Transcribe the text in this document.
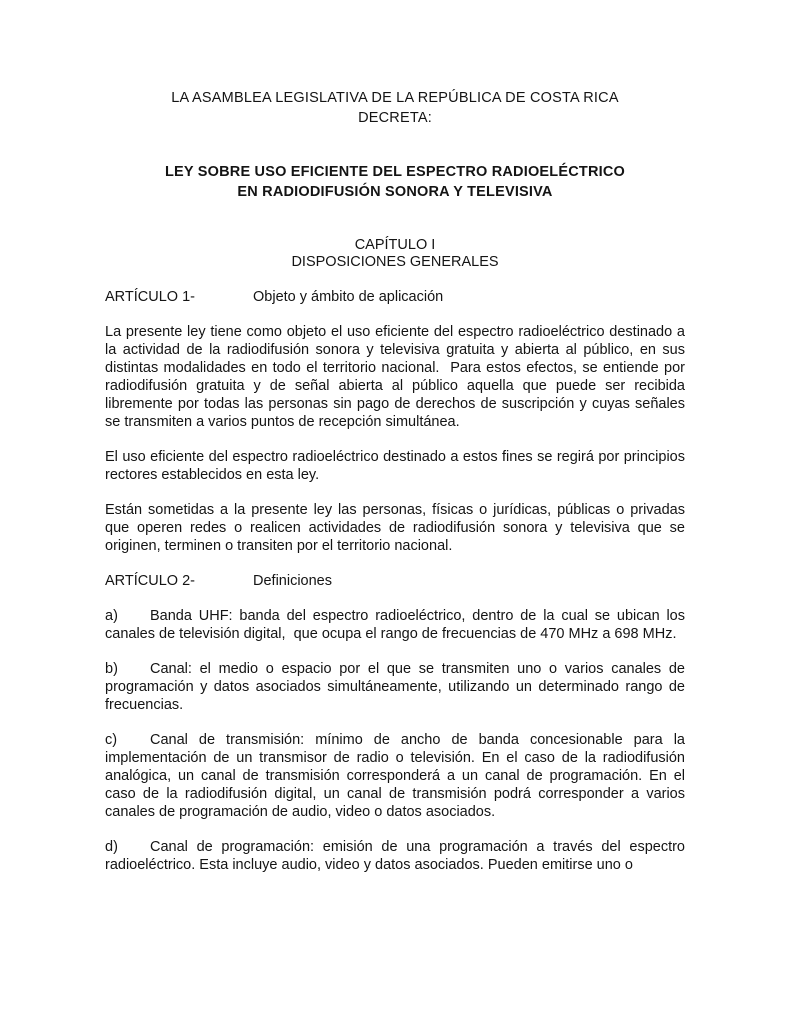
LA ASAMBLEA LEGISLATIVA DE LA REPÚBLICA DE COSTA RICA
DECRETA:
LEY SOBRE USO EFICIENTE DEL ESPECTRO RADIOELÉCTRICO
EN RADIODIFUSIÓN SONORA Y TELEVISIVA
CAPÍTULO I
DISPOSICIONES GENERALES

ARTÍCULO 1-	Objeto y ámbito de aplicación

La presente ley tiene como objeto el uso eficiente del espectro radioeléctrico destinado a la actividad de la radiodifusión sonora y televisiva gratuita y abierta al público, en sus distintas modalidades en todo el territorio nacional.  Para estos efectos, se entiende por radiodifusión gratuita y de señal abierta al público aquella que puede ser recibida libremente por todas las personas sin pago de derechos de suscripción y cuyas señales se transmiten a varios puntos de recepción simultánea.

El uso eficiente del espectro radioeléctrico destinado a estos fines se regirá por principios rectores establecidos en esta ley.

Están sometidas a la presente ley las personas, físicas o jurídicas, públicas o privadas que operen redes o realicen actividades de radiodifusión sonora y televisiva que se originen, terminen o transiten por el territorio nacional.

ARTÍCULO 2-	Definiciones

a) Banda UHF: banda del espectro radioeléctrico, dentro de la cual se ubican los canales de televisión digital,  que ocupa el rango de frecuencias de 470 MHz a 698 MHz.

b) Canal: el medio o espacio por el que se transmiten uno o varios canales de programación y datos asociados simultáneamente, utilizando un determinado rango de frecuencias.

c) Canal de transmisión: mínimo de ancho de banda concesionable para la implementación de un transmisor de radio o televisión. En el caso de la radiodifusión analógica, un canal de transmisión corresponderá a un canal de programación. En el caso de la radiodifusión digital, un canal de transmisión podrá corresponder a varios canales de programación de audio, video o datos asociados.

d) Canal de programación: emisión de una programación a través del espectro radioeléctrico. Esta incluye audio, video y datos asociados. Pueden emitirse uno o
